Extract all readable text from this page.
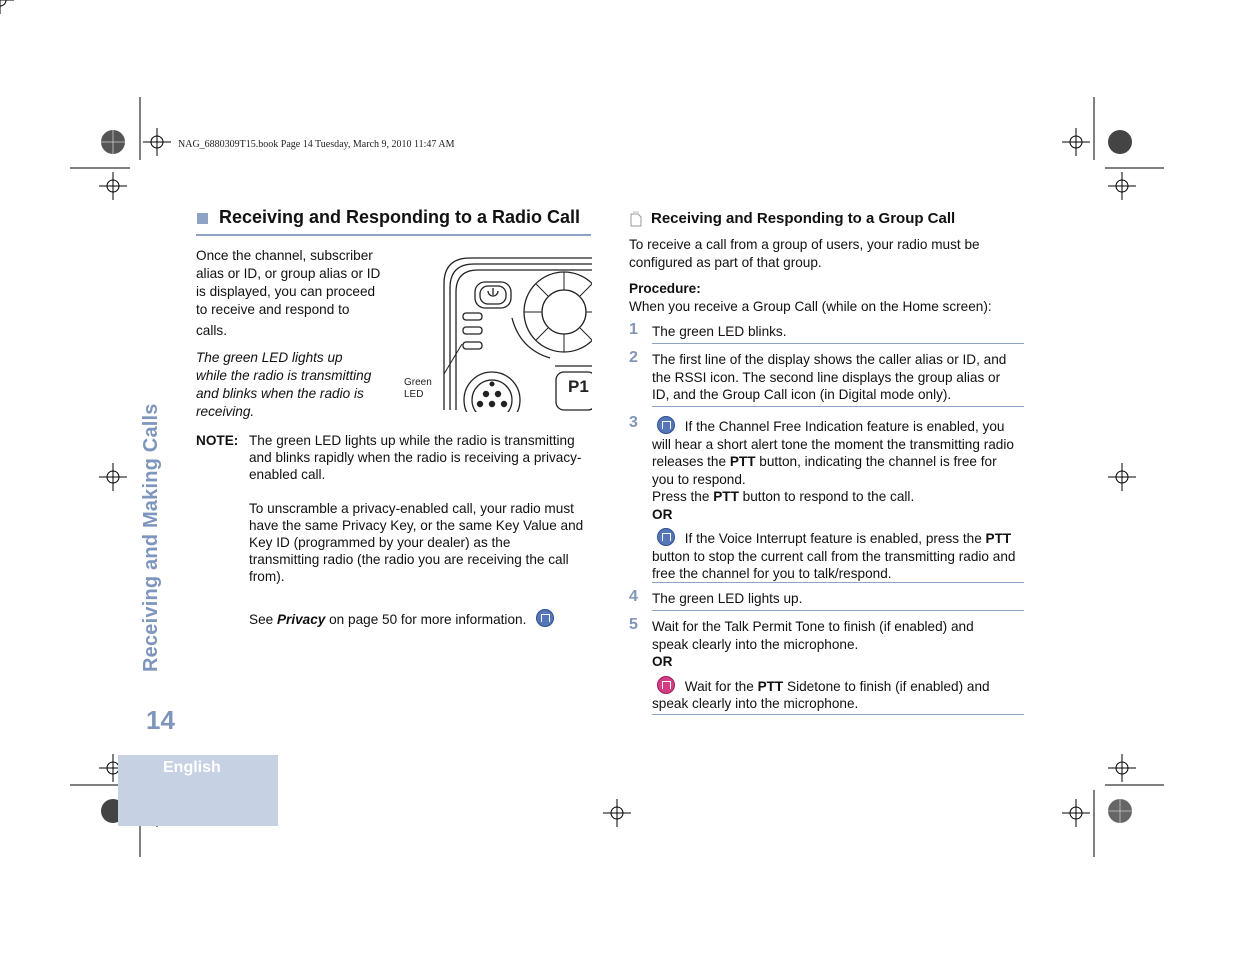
NAG_6880309T15.book Page 14 Tuesday, March 9, 2010 11:47 AM
Receiving and Making Calls
14
English
Receiving and Responding to a Radio Call
Once the channel, subscriber
alias or ID, or group alias or ID
is displayed, you can proceed
to receive and respond to
calls.
The green LED lights up
while the radio is transmitting
and blinks when the radio is
receiving.
P1
Green
LED
NOTE: The green LED lights up while the radio is transmitting
and blinks rapidly when the radio is receiving a privacy-
enabled call.
To unscramble a privacy-enabled call, your radio must
have the same Privacy Key, or the same Key Value and
Key ID (programmed by your dealer) as the
transmitting radio (the radio you are receiving the call
from).
See Privacy on page 50 for more information.
Receiving and Responding to a Group Call
To receive a call from a group of users, your radio must be
configured as part of that group.
Procedure:
When you receive a Group Call (while on the Home screen):
1 The green LED blinks.
2 The first line of the display shows the caller alias or ID, and
the RSSI icon. The second line displays the group alias or
ID, and the Group Call icon (in Digital mode only).
3	If the Channel Free Indication feature is enabled, you
will hear a short alert tone the moment the transmitting radio
releases the PTT button, indicating the channel is free for
you to respond.
Press the PTT button to respond to the call.
OR
If the Voice Interrupt feature is enabled, press the PTT
button to stop the current call from the transmitting radio and
free the channel for you to talk/respond.
4 The green LED lights up.
5 Wait for the Talk Permit Tone to finish (if enabled) and
speak clearly into the microphone.
OR
Wait for the PTT Sidetone to finish (if enabled) and
speak clearly into the microphone.
